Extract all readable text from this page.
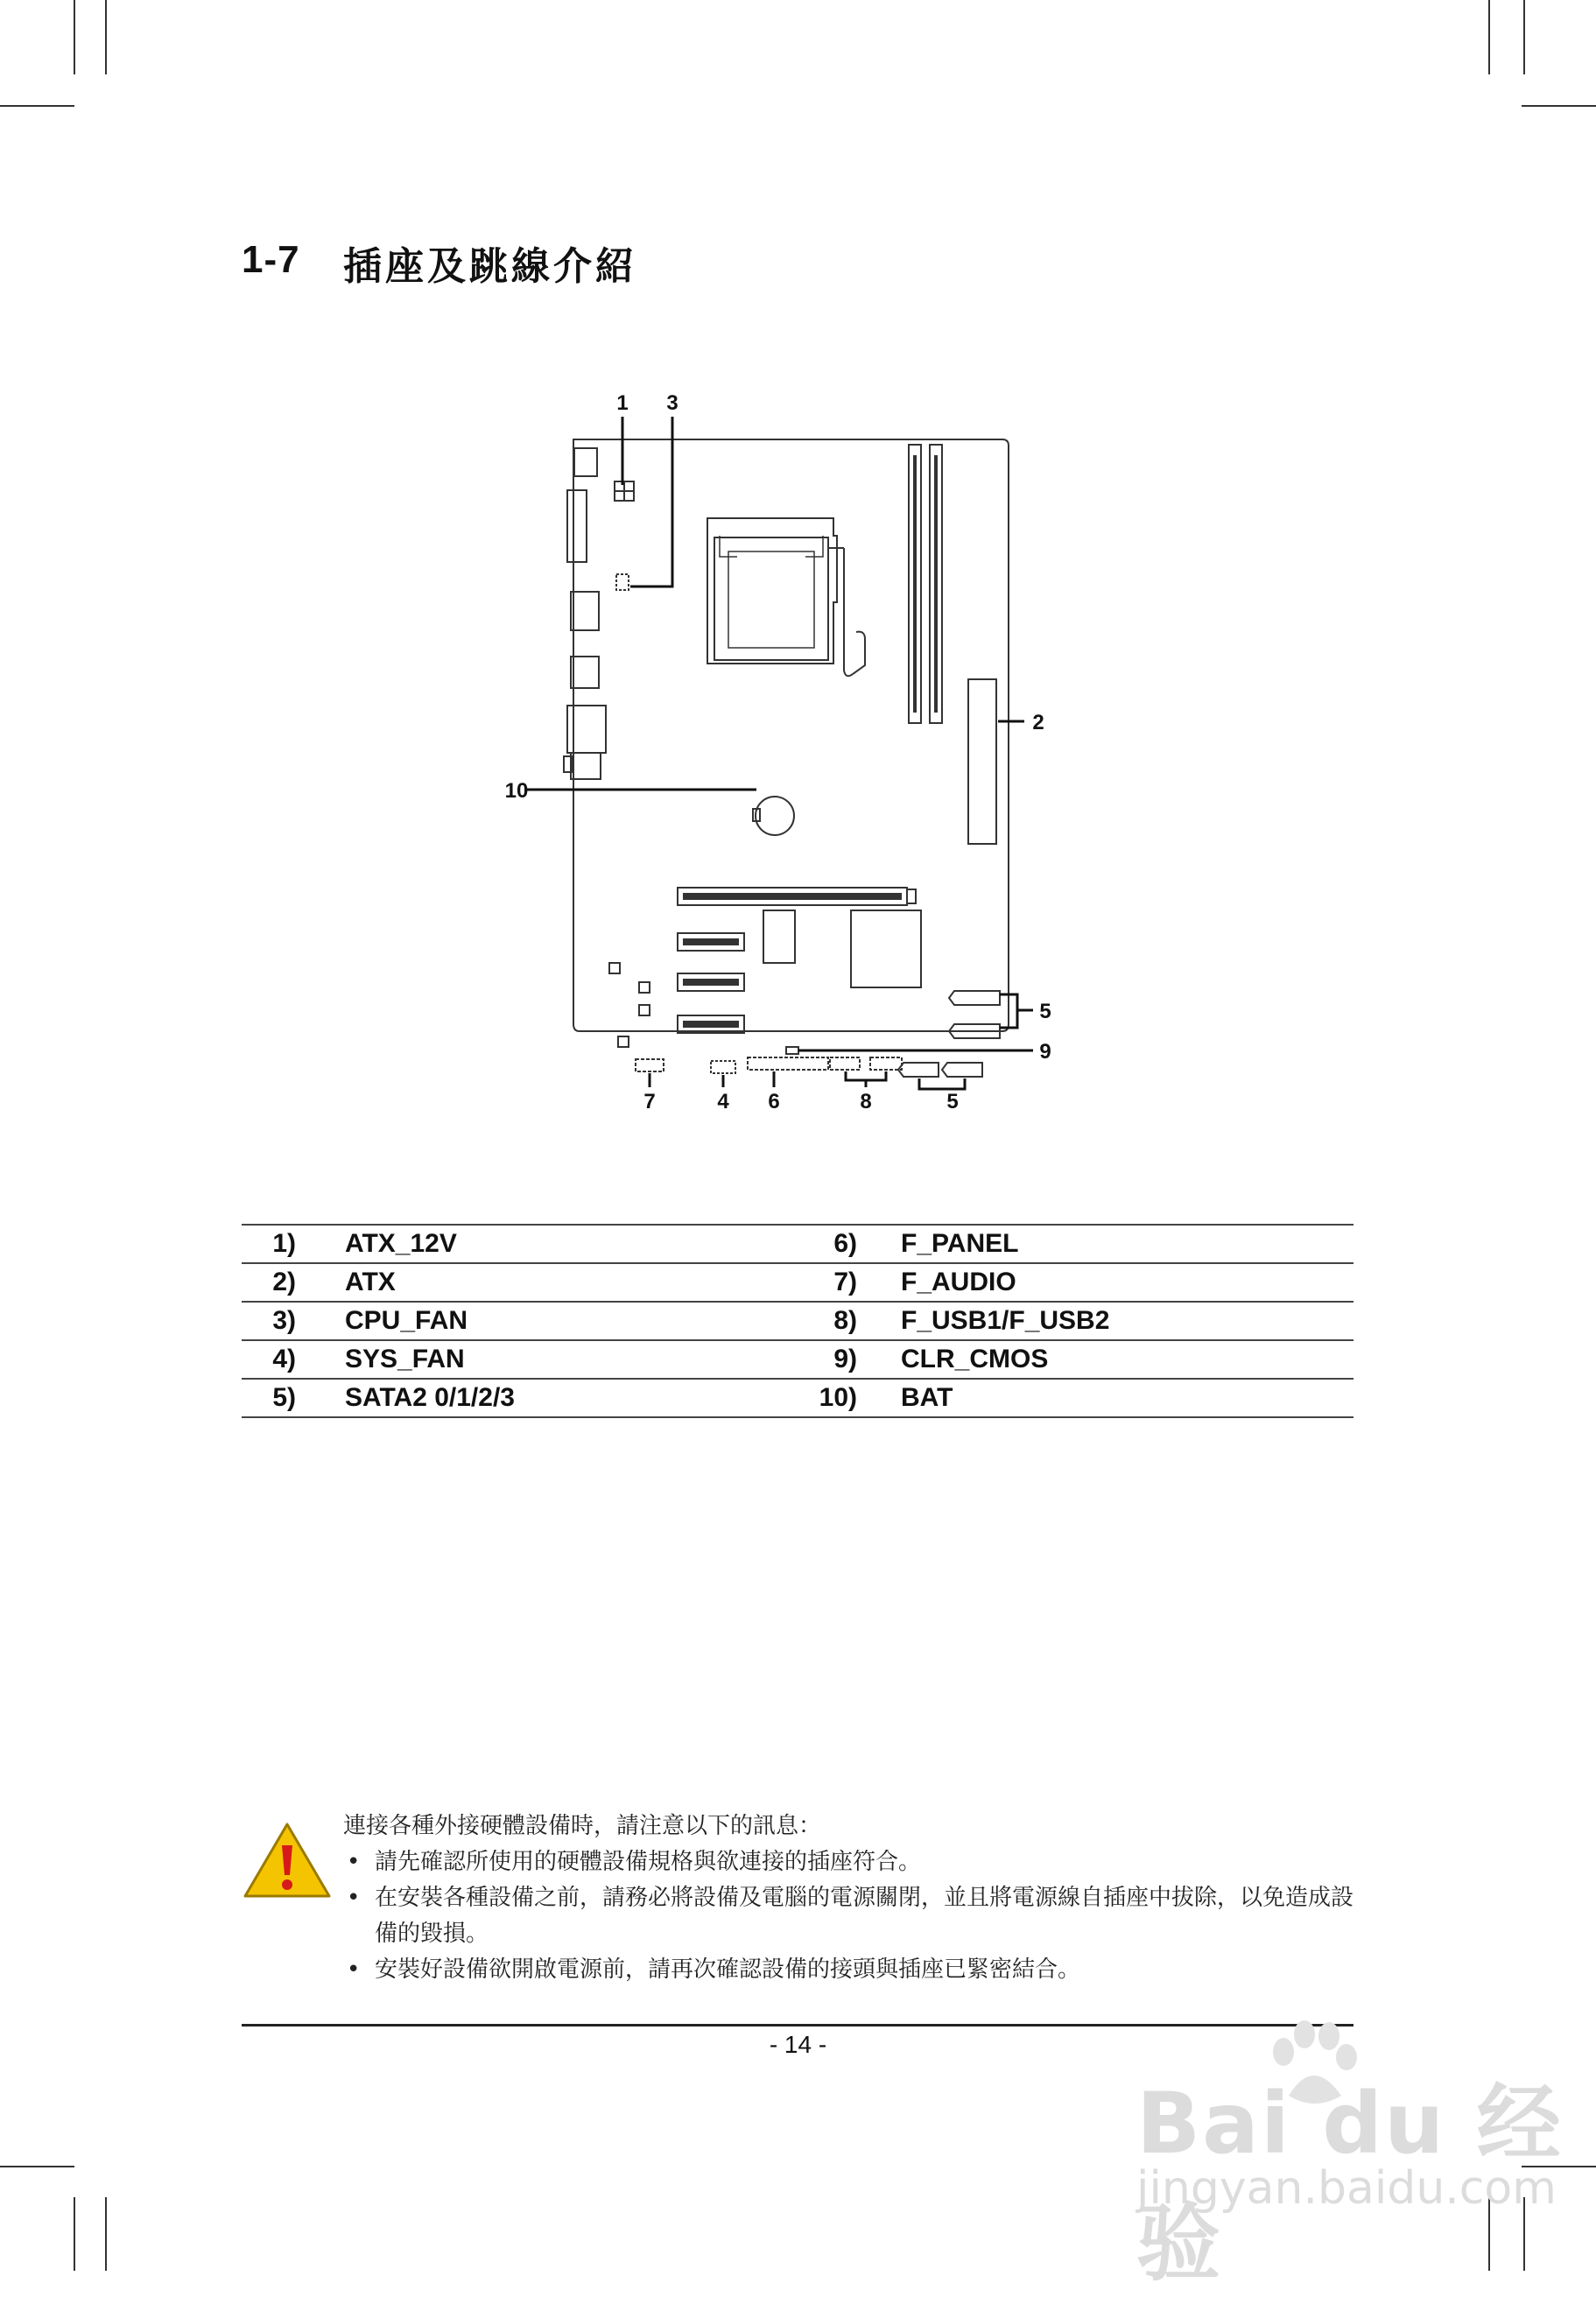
1-7 插座及跳線介紹
1 3
2
10
5
9
7	4 6	8	5
1)		ATX_12V	6)		F_PANEL
2)		ATX	7)		F_AUDIO
3)		CPU_FAN	8)		F_USB1/F_USB2
4)		SYS_FAN	9)		CLR_CMOS
5)		SATA2 0/1/2/3	10)		BAT
連接各種外接硬體設備時，請注意以下的訊息：
• 請先確認所使用的硬體設備規格與欲連接的插座符合。
• 在安裝各種設備之前，請務必將設備及電腦的電源關閉，並且將電源線自插座中拔除，以免造成設備的毀損。
• 安裝好設備欲開啟電源前，請再次確認設備的接頭與插座已緊密結合。
- 14 -
Bai du 经验
jingyan.baidu.com
